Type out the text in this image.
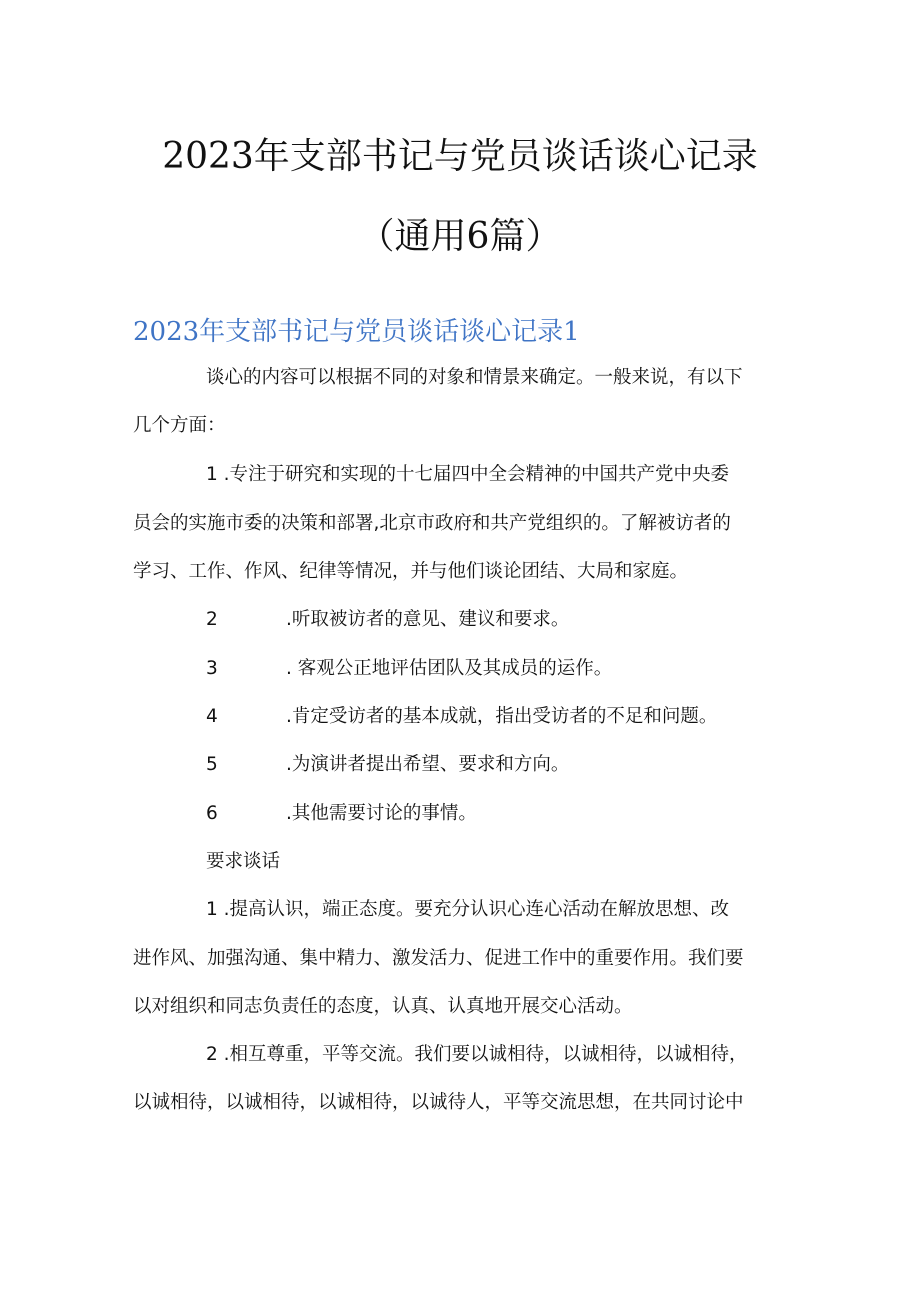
2023年支部书记与党员谈话谈心记录
（通用6篇）
2023年支部书记与党员谈话谈心记录1
谈心的内容可以根据不同的对象和情景来确定。一般来说，有以下
几个方面：
1 .专注于研究和实现的十七届四中全会精神的中国共产党中央委
员会的实施市委的决策和部署,北京市政府和共产党组织的。了解被访者的
学习、工作、作风、纪律等情况，并与他们谈论团结、大局和家庭。
2	.听取被访者的意见、建议和要求。
3	. 客观公正地评估团队及其成员的运作。
4	.肯定受访者的基本成就，指出受访者的不足和问题。
5	.为演讲者提出希望、要求和方向。
6	.其他需要讨论的事情。
要求谈话
1 .提高认识，端正态度。要充分认识心连心活动在解放思想、改
进作风、加强沟通、集中精力、激发活力、促进工作中的重要作用。我们要
以对组织和同志负责任的态度，认真、认真地开展交心活动。
2 .相互尊重，平等交流。我们要以诚相待，以诚相待，以诚相待，
以诚相待，以诚相待，以诚相待，以诚待人，平等交流思想，在共同讨论中
